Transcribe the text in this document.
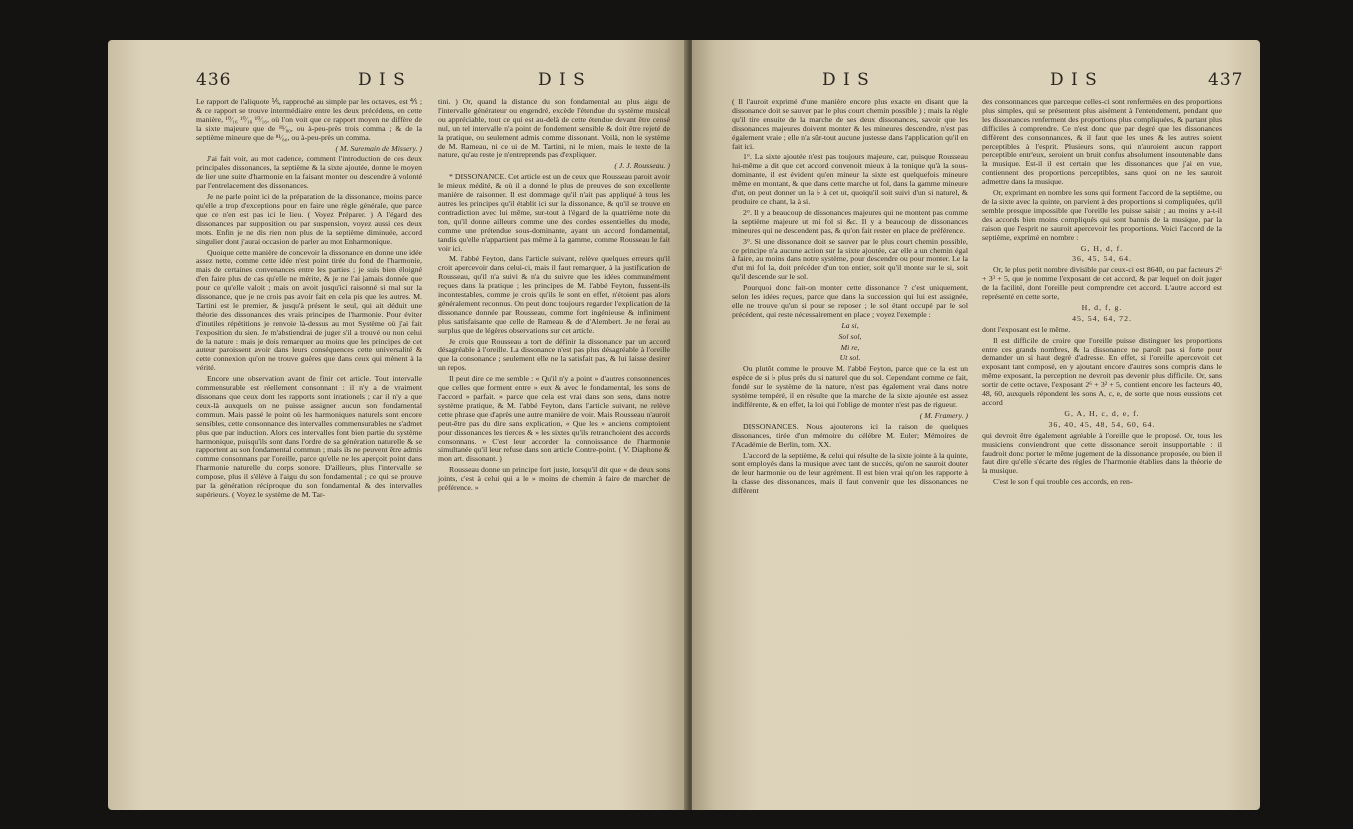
436	D I S	D I S

Le rapport de l'aliquote ⅕, rapproché au simple par les octaves, est ⅘ ; & ce rapport se trouve intermédiaire entre les deux précédens, en cette manière, ¹⁰⁄₁₆ ¹⁰⁄₁₆ ¹⁰⁄₁₆, où l'on voit que ce rapport moyen ne diffère de la sixte majeure que de ⁸¹⁄₈₀, ou à-peu-près trois comma ; & de la septième mineure que de ⁸¹⁄₈₀, ou à-peu-près un comma.

( M. Suremain de Missery. )

J'ai fait voir, au mot cadence, comment l'introduction de ces deux principales dissonances, la septième & la sixte ajoutée, donne le moyen de lier une suite d'harmonie en la faisant monter ou descendre à volonté par l'entrelacement des dissonances.

Je ne parle point ici de la préparation de la dissonance, moins parce qu'elle a trop d'exceptions pour en faire une règle générale, que parce que ce n'en est pas ici le lieu. ( Voyez Préparer. ) A l'égard des dissonances par supposition ou par suspension, voyez aussi ces deux mots. Enfin je ne dis rien non plus de la septième diminuée, accord singulier dont j'aurai occasion de parler au mot Enharmonique.

Quoique cette manière de concevoir la dissonance en donne une idée assez nette, comme cette idée n'est point tirée du fond de l'harmonie, mais de certaines convenances entre les parties ; je suis bien éloigné d'en faire plus de cas qu'elle ne mérite, & je ne l'ai jamais donnée que pour ce qu'elle valoit ; mais on avoit jusqu'ici raisonné si mal sur la dissonance, que je ne crois pas avoir fait en cela pis que les autres. M. Tartini est le premier, & jusqu'à présent le seul, qui ait déduit une théorie des dissonances des vrais principes de l'harmonie. Pour éviter d'inutiles répétitions je renvoie là-dessus au mot Système où j'ai fait l'exposition du sien. Je m'abstiendrai de juger s'il a trouvé ou non celui de la nature : mais je dois remarquer au moins que les principes de cet auteur paroissent avoir dans leurs conséquences cette universalité & cette connexion qu'on ne trouve guères que dans ceux qui mènent à la vérité.

Encore une observation avant de finir cet article. Tout intervalle commensurable est réellement consonnant : il n'y a de vraiment dissonans que ceux dont les rapports sont irrationels ; car il n'y a que ceux-là auxquels on ne puisse assigner aucun son fondamental commun. Mais passé le point où les harmoniques naturels sont encore sensibles, cette consonnance des intervalles commensurables ne s'admet plus que par induction. Alors ces intervalles font bien partie du système harmonique, puisqu'ils sont dans l'ordre de sa génération naturelle & se rapportent au son fondamental commun ; mais ils ne peuvent être admis comme consonnans par l'oreille, parce qu'elle ne les aperçoit point dans l'harmonie naturelle du corps sonore. D'ailleurs, plus l'intervalle se compose, plus il s'élève à l'aigu du son fondamental ; ce qui se prouve par la génération réciproque du son fondamental & des intervalles supérieurs. ( Voyez le système de M. Tar-

tini. ) Or, quand la distance du son fondamental au plus aigu de l'intervalle générateur ou engendré, excède l'étendue du système musical ou appréciable, tout ce qui est au-delà de cette étendue devant être censé nul, un tel intervalle n'a point de fondement sensible & doit être rejeté de la pratique, ou seulement admis comme dissonant. Voilà, non le système de M. Rameau, ni ce ui de M. Tartini, ni le mien, mais le texte de la nature, qu'au reste je n'entreprends pas d'expliquer.

( J. J. Rousseau. )

* DISSONANCE. Cet article est un de ceux que Rousseau paroit avoir le mieux médité, & où il a donné le plus de preuves de son excellente manière de raisonner. Il est dommage qu'il n'ait pas appliqué à tous les autres les principes qu'il établit ici sur la dissonance, & qu'il se trouve en contradiction avec lui même, sur-tout à l'égard de la quatrième note du ton, qu'il donne ailleurs comme une des cordes essentielles du mode, comme une prétendue sous-dominante, ayant un accord fondamental, tandis qu'elle n'appartient pas même à la gamme, comme Rousseau le fait voir ici.

M. l'abbé Feyton, dans l'article suivant, relève quelques erreurs qu'il croit apercevoir dans celui-ci, mais il faut remarquer, à la justification de Rousseau, qu'il n'a suivi & n'a du suivre que les idées communément reçues dans la pratique ; les principes de M. l'abbé Feyton, fussent-ils incontestables, comme je crois qu'ils le sont en effet, n'étoient pas alors généralement reconnus. On peut donc toujours regarder l'explication de la dissonance donnée par Rousseau, comme fort ingénieuse & infiniment plus satisfaisante que celle de Rameau & de d'Alembert. Je ne ferai au surplus que de légères observations sur cet article.

Je crois que Rousseau a tort de définir la dissonance par un accord désagréable à l'oreille. La dissonance n'est pas plus désagréable à l'oreille que la consonance ; seulement elle ne la satisfait pas, & lui laisse desirer un repos.

Il peut dire ce me semble : « Qu'il n'y a point » d'autres consonnences que celles que forment entre » eux & avec le fondamental, les sons de l'accord » parfait. » parce que cela est vrai dans son sens, dans notre système pratique, & M. l'abbé Feyton, dans l'article suivant, ne relève cette phrase que d'après une autre manière de voir. Mais Rousseau n'auroit peut-être pas du dire sans explication, « Que les » anciens comptoient pour dissonances les tierces & » les sixtes qu'ils retranchoient des accords consonnans. » C'est leur accorder la connoissance de l'harmonie simultanée qu'il leur refuse dans son article Contre-point. ( V. Diaphone & mon art. dissonant. )

Rousseau donne un principe fort juste, lorsqu'il dit que « de deux sons joints, c'est à celui qui a le » moins de chemin à faire de marcher de préférence. »

D I S	D I S	437

( Il l'auroit exprimé d'une manière encore plus exacte en disant que la dissonance doit se sauver par le plus court chemin possible ) ; mais la règle qu'il tire ensuite de la marche de ses deux dissonances, savoir que les dissonances majeures doivent monter & les mineures descendre, n'est pas également vraie ; elle n'a sûr-tout aucune justesse dans l'application qu'il en fait ici.

1°. La sixte ajoutée n'est pas toujours majeure, car, puisque Rousseau lui-même a dit que cet accord convenoit mieux à la tonique qu'à la sous-dominante, il est évident qu'en mineur la sixte est quelquefois mineure même en montant, & que dans cette marche ut fol, dans la gamme mineure d'ut, on peut donner un la ♭ à cet ut, quoiqu'il soit suivi d'un si naturel, & produire ce chant, la à si.

2°. Il y a beaucoup de dissonances majeures qui ne montent pas comme la septième majeure ut mi fol si &c. Il y a beaucoup de dissonances mineures qui ne descendent pas, & qu'on fait rester en place de préférence.

3°. Si une dissonance doit se sauver par le plus court chemin possible, ce principe n'a aucune action sur la sixte ajoutée, car elle a un chemin égal à faire, au moins dans notre système, pour descendre ou pour monter. Le la d'ut mi fol la, doit précéder d'un ton entier, soit qu'il monte sur le si, soit qu'il descende sur le sol.

Pourquoi donc fait-on monter cette dissonance ? c'est uniquement, selon les idées reçues, parce que dans la succession qui lui est assignée, elle ne trouve qu'un si pour se reposer ; le sol étant occupé par le sol précédent, qui reste nécessairement en place ; voyez l'exemple :

La si,

Sol sol,

Mi re,

Ut sol.

Ou plutôt comme le prouve M. l'abbé Feyton, parce que ce la est un espèce de si ♭ plus près du si naturel que du sol. Cependant comme ce fait, fondé sur le système de la nature, n'est pas également vrai dans notre système tempéré, il en résulte que la marche de la sixte ajoutée est assez indifférente, & en effet, la loi qui l'oblige de monter n'est pas de rigueur.

( M. Framery. )

DISSONANCES. Nous ajouterons ici la raison de quelques dissonances, tirée d'un mémoire du célèbre M. Euler; Mémoires de l'Académie de Berlin, tom. XX.

L'accord de la septième, & celui qui résulte de la sixte jointe à la quinte, sont employés dans la musique avec tant de succès, qu'on ne sauroit douter de leur harmonie ou de leur agrément. Il est bien vrai qu'on les rapporte à la classe des dissonances, mais il faut convenir que les dissonances ne diffèrent

des consonnances que parceque celles-ci sont renfermées en des proportions plus simples, qui se présentent plus aisément à l'entendement, pendant que les dissonances renferment des proportions plus compliquées, & partant plus difficiles à comprendre. Ce n'est donc que par degré que les dissonances diffèrent des consonnances, & il faut que les unes & les autres soient perceptibles à l'esprit. Plusieurs sons, qui n'auroient aucun rapport perceptible entr'eux, seroient un bruit confus absolument insoutenable dans la musique. Est-il il est certain que les dissonances que j'ai en vue, contiennent des proportions perceptibles, sans quoi on ne les sauroit admettre dans la musique.

Or, exprimant en nombre les sons qui forment l'accord de la septième, ou de la sixte avec la quinte, on parvient à des proportions si compliquées, qu'il semble presque impossible que l'oreille les puisse saisir ; au moins y a-t-il des accords bien moins compliqués qui sont bannis de la musique, par la raison que l'esprit ne sauroit apercevoir les proportions. Voici l'accord de la septième, exprimé en nombre :

G, H, d, f.

36, 45, 54, 64.

Or, le plus petit nombre divisible par ceux-ci est 8640, ou par facteurs 2⁶ + 3³ + 5, que je nomme l'exposant de cet accord, & par lequel on doit juger de la facilité, dont l'oreille peut comprendre cet accord. L'autre accord est représenté en cette sorte,

H, d, f, g.

45, 54, 64, 72.

dont l'exposant est le même.

Il est difficile de croire que l'oreille puisse distinguer les proportions entre ces grands nombres, & la dissonance ne paroît pas si forte pour demander un si haut degré d'adresse. En effet, si l'oreille apercevoit cet exposant tant composé, en y ajoutant encore d'autres sons compris dans le même exposant, la perception ne devroit pas devenir plus difficile. Or, sans sortir de cette octave, l'exposant 2⁶ + 3² + 5, contient encore les facteurs 40, 48, 60, auxquels répondent les sons A, c, e, de sorte que nous eussions cet accord

G, A, H, c, d, e, f.

36, 40, 45, 48, 54, 60, 64.

qui devroit être également agréable à l'oreille que le proposé. Or, tous les musiciens conviendront que cette dissonance seroit insupportable : il faudroit donc porter le même jugement de la dissonance proposée, ou bien il faut dire qu'elle s'écarte des règles de l'harmonie établies dans la théorie de la musique.

C'est le son f qui trouble ces accords, en ren-
